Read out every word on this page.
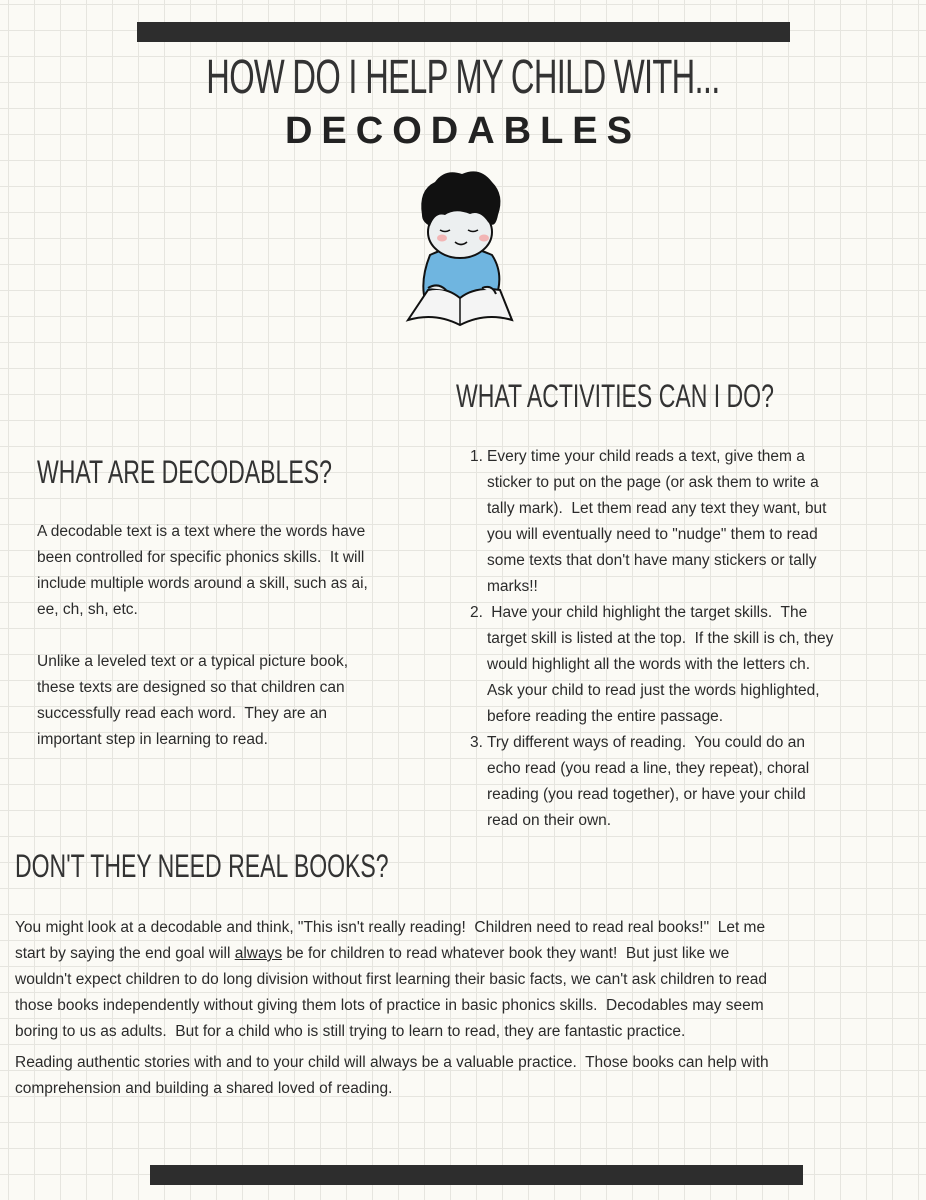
HOW DO I HELP MY CHILD WITH...
DECODABLES
WHAT ACTIVITIES CAN I DO?
1. Every time your child reads a text, give them a
sticker to put on the page (or ask them to write a
tally mark).  Let them read any text they want, but
you will eventually need to "nudge" them to read
some texts that don't have many stickers or tally
marks!!
2. Have your child highlight the target skills.  The
target skill is listed at the top.  If the skill is ch, they
would highlight all the words with the letters ch.
Ask your child to read just the words highlighted,
before reading the entire passage.
3. Try different ways of reading.  You could do an
echo read (you read a line, they repeat), choral
reading (you read together), or have your child
read on their own.
WHAT ARE DECODABLES?
A decodable text is a text where the words have
been controlled for specific phonics skills.  It will
include multiple words around a skill, such as ai,
ee, ch, sh, etc.
Unlike a leveled text or a typical picture book,
these texts are designed so that children can
successfully read each word.  They are an
important step in learning to read.
DON'T THEY NEED REAL BOOKS?
You might look at a decodable and think, "This isn't really reading!  Children need to read real books!"  Let me
start by saying the end goal will always be for children to read whatever book they want!  But just like we
wouldn't expect children to do long division without first learning their basic facts, we can't ask children to read
those books independently without giving them lots of practice in basic phonics skills.  Decodables may seem
boring to us as adults.  But for a child who is still trying to learn to read, they are fantastic practice.
Reading authentic stories with and to your child will always be a valuable practice.  Those books can help with
comprehension and building a shared loved of reading.
